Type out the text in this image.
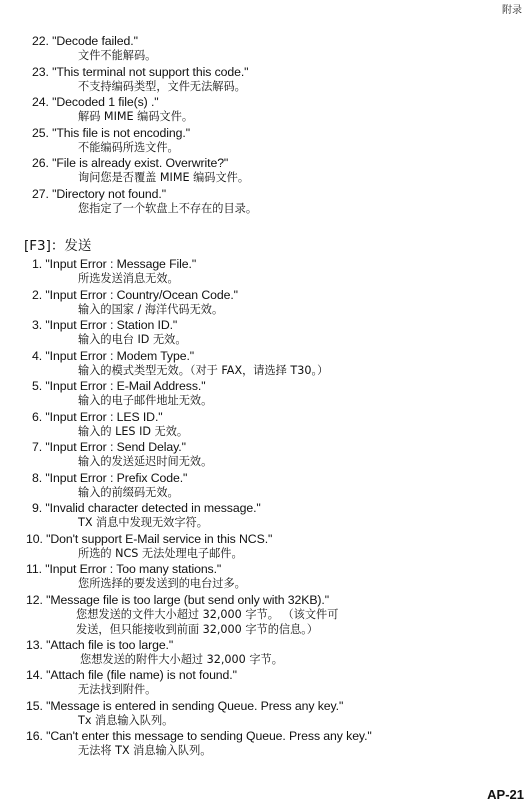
附录
22. "Decode failed."
文件不能解码。
23. "This terminal not support this code."
不支持编码类型，文件无法解码。
24. "Decoded 1 file(s) ."
解码 MIME 编码文件。
25. "This file is not encoding."
不能编码所选文件。
26. "File is already exist. Overwrite?"
询问您是否覆盖 MIME 编码文件。
27. "Directory not found."
您指定了一个软盘上不存在的目录。
[F3]：发送
1. "Input Error : Message File."
所选发送消息无效。
2. "Input Error : Country/Ocean Code."
输入的国家 / 海洋代码无效。
3. "Input Error : Station ID."
输入的电台 ID 无效。
4. "Input Error : Modem Type."
输入的模式类型无效。（对于 FAX，请选择 T30。）
5. "Input Error : E-Mail Address."
输入的电子邮件地址无效。
6. "Input Error : LES ID."
输入的 LES ID 无效。
7. "Input Error : Send Delay."
输入的发送延迟时间无效。
8. "Input Error : Prefix Code."
输入的前缀码无效。
9. "Invalid character detected in message."
TX 消息中发现无效字符。
10. "Don't support E-Mail service in this NCS."
所选的 NCS 无法处理电子邮件。
11. "Input Error : Too many stations."
您所选择的要发送到的电台过多。
12. "Message file is too large (but send only with 32KB)."
您想发送的文件大小超过 32,000 字节。 （该文件可
发送，但只能接收到前面 32,000 字节的信息。）
13. "Attach file is too large."
您想发送的附件大小超过 32,000 字节。
14. "Attach file (file name) is not found."
无法找到附件。
15. "Message is entered in sending Queue. Press any key."
Tx 消息输入队列。
16. "Can't enter this message to sending Queue. Press any key."
无法将 TX 消息输入队列。
AP-21
